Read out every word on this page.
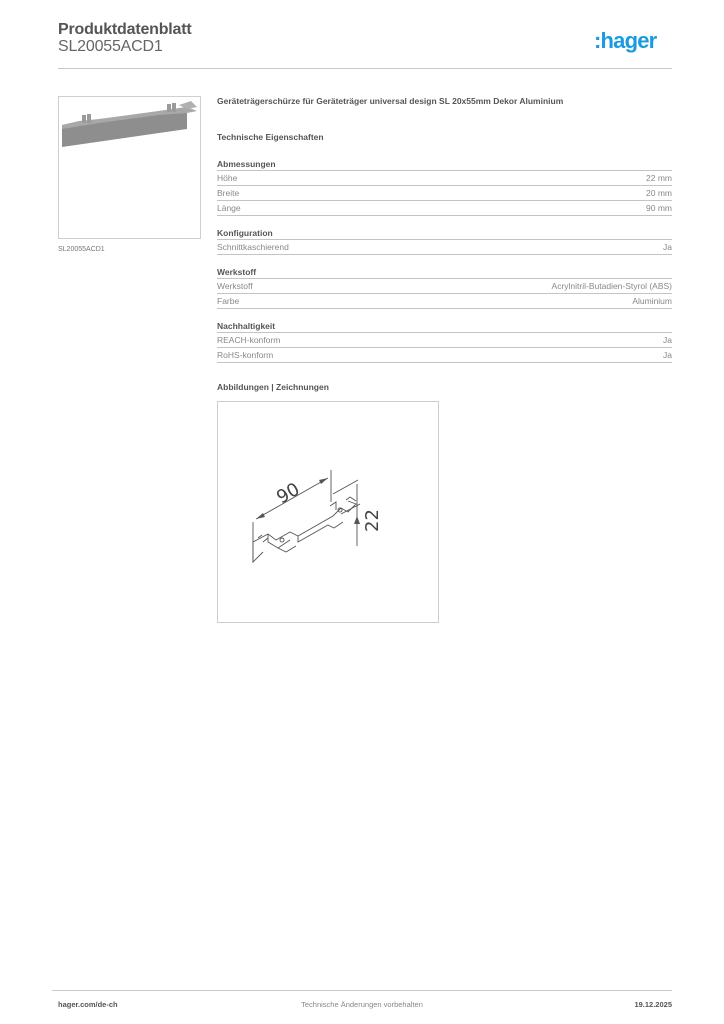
Produktdatenblatt
SL20055ACD1	:hager
SL20055ACD1

Geräteträgerschürze für Geräteträger universal design SL 20x55mm Dekor Aluminium

Technische Eigenschaften
Abmessungen
Höhe	22 mm
Breite	20 mm
Länge	90 mm
Konfiguration
Schnittkaschierend	Ja
Werkstoff
Werkstoff	Acrylnitril-Butadien-Styrol (ABS)
Farbe	Aluminium
Nachhaltigkeit
REACH-konform	Ja
RoHS-konform	Ja
Abbildungen | Zeichnungen
90
22
hager.com/de-ch	Technische Änderungen vorbehalten	19.12.2025
